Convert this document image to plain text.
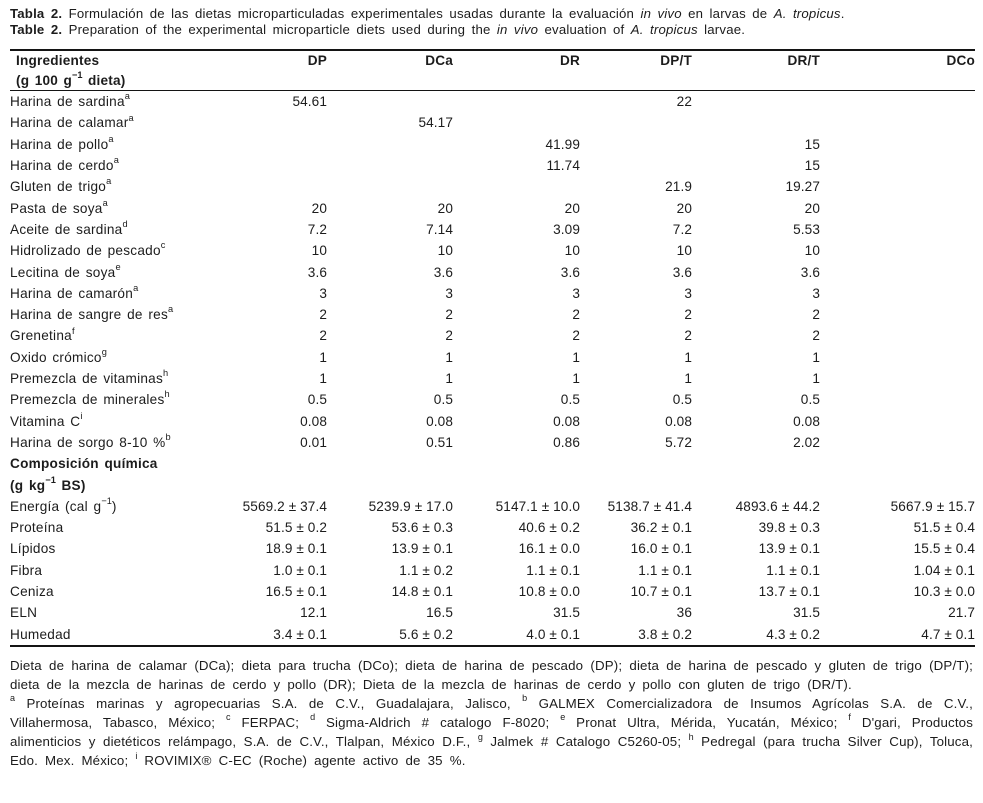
Tabla 2. Formulación de las dietas microparticuladas experimentales usadas durante la evaluación in vivo en larvas de A. tropicus.

Table 2. Preparation of the experimental microparticle diets used during the in vivo evaluation of A. tropicus larvae.

Ingredientes
(g 100 $g^{-1}$ dieta)	DP	DCa	DR	DP/T	DR/T	DCo
Harina de sardina$^a$	54.61			22		
Harina de calamar$^a$		54.17				
Harina de pollo$^a$			41.99		15	
Harina de cerdo$^a$			11.74		15	
Gluten de trigo$^a$				21.9	19.27	
Pasta de soya$^a$	20	20	20	20	20	
Aceite de sardina$^d$	7.2	7.14	3.09	7.2	5.53	
Hidrolizado de pescado$^c$	10	10	10	10	10	
Lecitina de soya$^e$	3.6	3.6	3.6	3.6	3.6	
Harina de camarón$^a$	3	3	3	3	3	
Harina de sangre de res$^a$	2	2	2	2	2	
Grenetina$^f$	2	2	2	2	2	
Oxido crómico$^g$	1	1	1	1	1	
Premezcla de vitaminas$^h$	1	1	1	1	1	
Premezcla de minerales$^h$	0.5	0.5	0.5	0.5	0.5	
Vitamina $C^i$	0.08	0.08	0.08	0.08	0.08	
Harina de sorgo 8-10 %$^b$	0.01	0.51	0.86	5.72	2.02	
Composición química
(g $kg^{-1}$ BS)						
Energía (cal $g^{-1}$)	5569.2 ± 37.4	5239.9 ± 17.0	5147.1 ± 10.0	5138.7 ± 41.4	4893.6 ± 44.2	5667.9 ± 15.7
Proteína	51.5 ± 0.2	53.6 ± 0.3	40.6 ± 0.2	36.2 ± 0.1	39.8 ± 0.3	51.5 ± 0.4
Lípidos	18.9 ± 0.1	13.9 ± 0.1	16.1 ± 0.0	16.0 ± 0.1	13.9 ± 0.1	15.5 ± 0.4
Fibra	1.0 ± 0.1	1.1 ± 0.2	1.1 ± 0.1	1.1 ± 0.1	1.1 ± 0.1	1.04 ± 0.1
Ceniza	16.5 ± 0.1	14.8 ± 0.1	10.8 ± 0.0	10.7 ± 0.1	13.7 ± 0.1	10.3 ± 0.0
ELN	12.1	16.5	31.5	36	31.5	21.7
Humedad	3.4 ± 0.1	5.6 ± 0.2	4.0 ± 0.1	3.8 ± 0.2	4.3 ± 0.2	4.7 ± 0.1

Dieta de harina de calamar (DCa); dieta para trucha (DCo); dieta de harina de pescado (DP); dieta de harina de pescado y gluten de trigo (DP/T); dieta de la mezcla de harinas de cerdo y pollo (DR); Dieta de la mezcla de harinas de cerdo y pollo con gluten de trigo (DR/T).

$^a$ Proteínas marinas y agropecuarias S.A. de C.V., Guadalajara, Jalisco, $^b$ GALMEX Comercializadora de Insumos Agrícolas S.A. de C.V., Villahermosa, Tabasco, México; $^c$ FERPAC; $^d$ Sigma-Aldrich # catalogo F-8020; $^e$ Pronat Ultra, Mérida, Yucatán, México; $^f$ D'gari, Productos alimenticios y dietéticos relámpago, S.A. de C.V., Tlalpan, México D.F., $^g$ Jalmek # Catalogo C5260-05; $^h$ Pedregal (para trucha Silver Cup), Toluca, Edo. Mex. México; $^i$ ROVIMIX® C-EC (Roche) agente activo de 35 %.
